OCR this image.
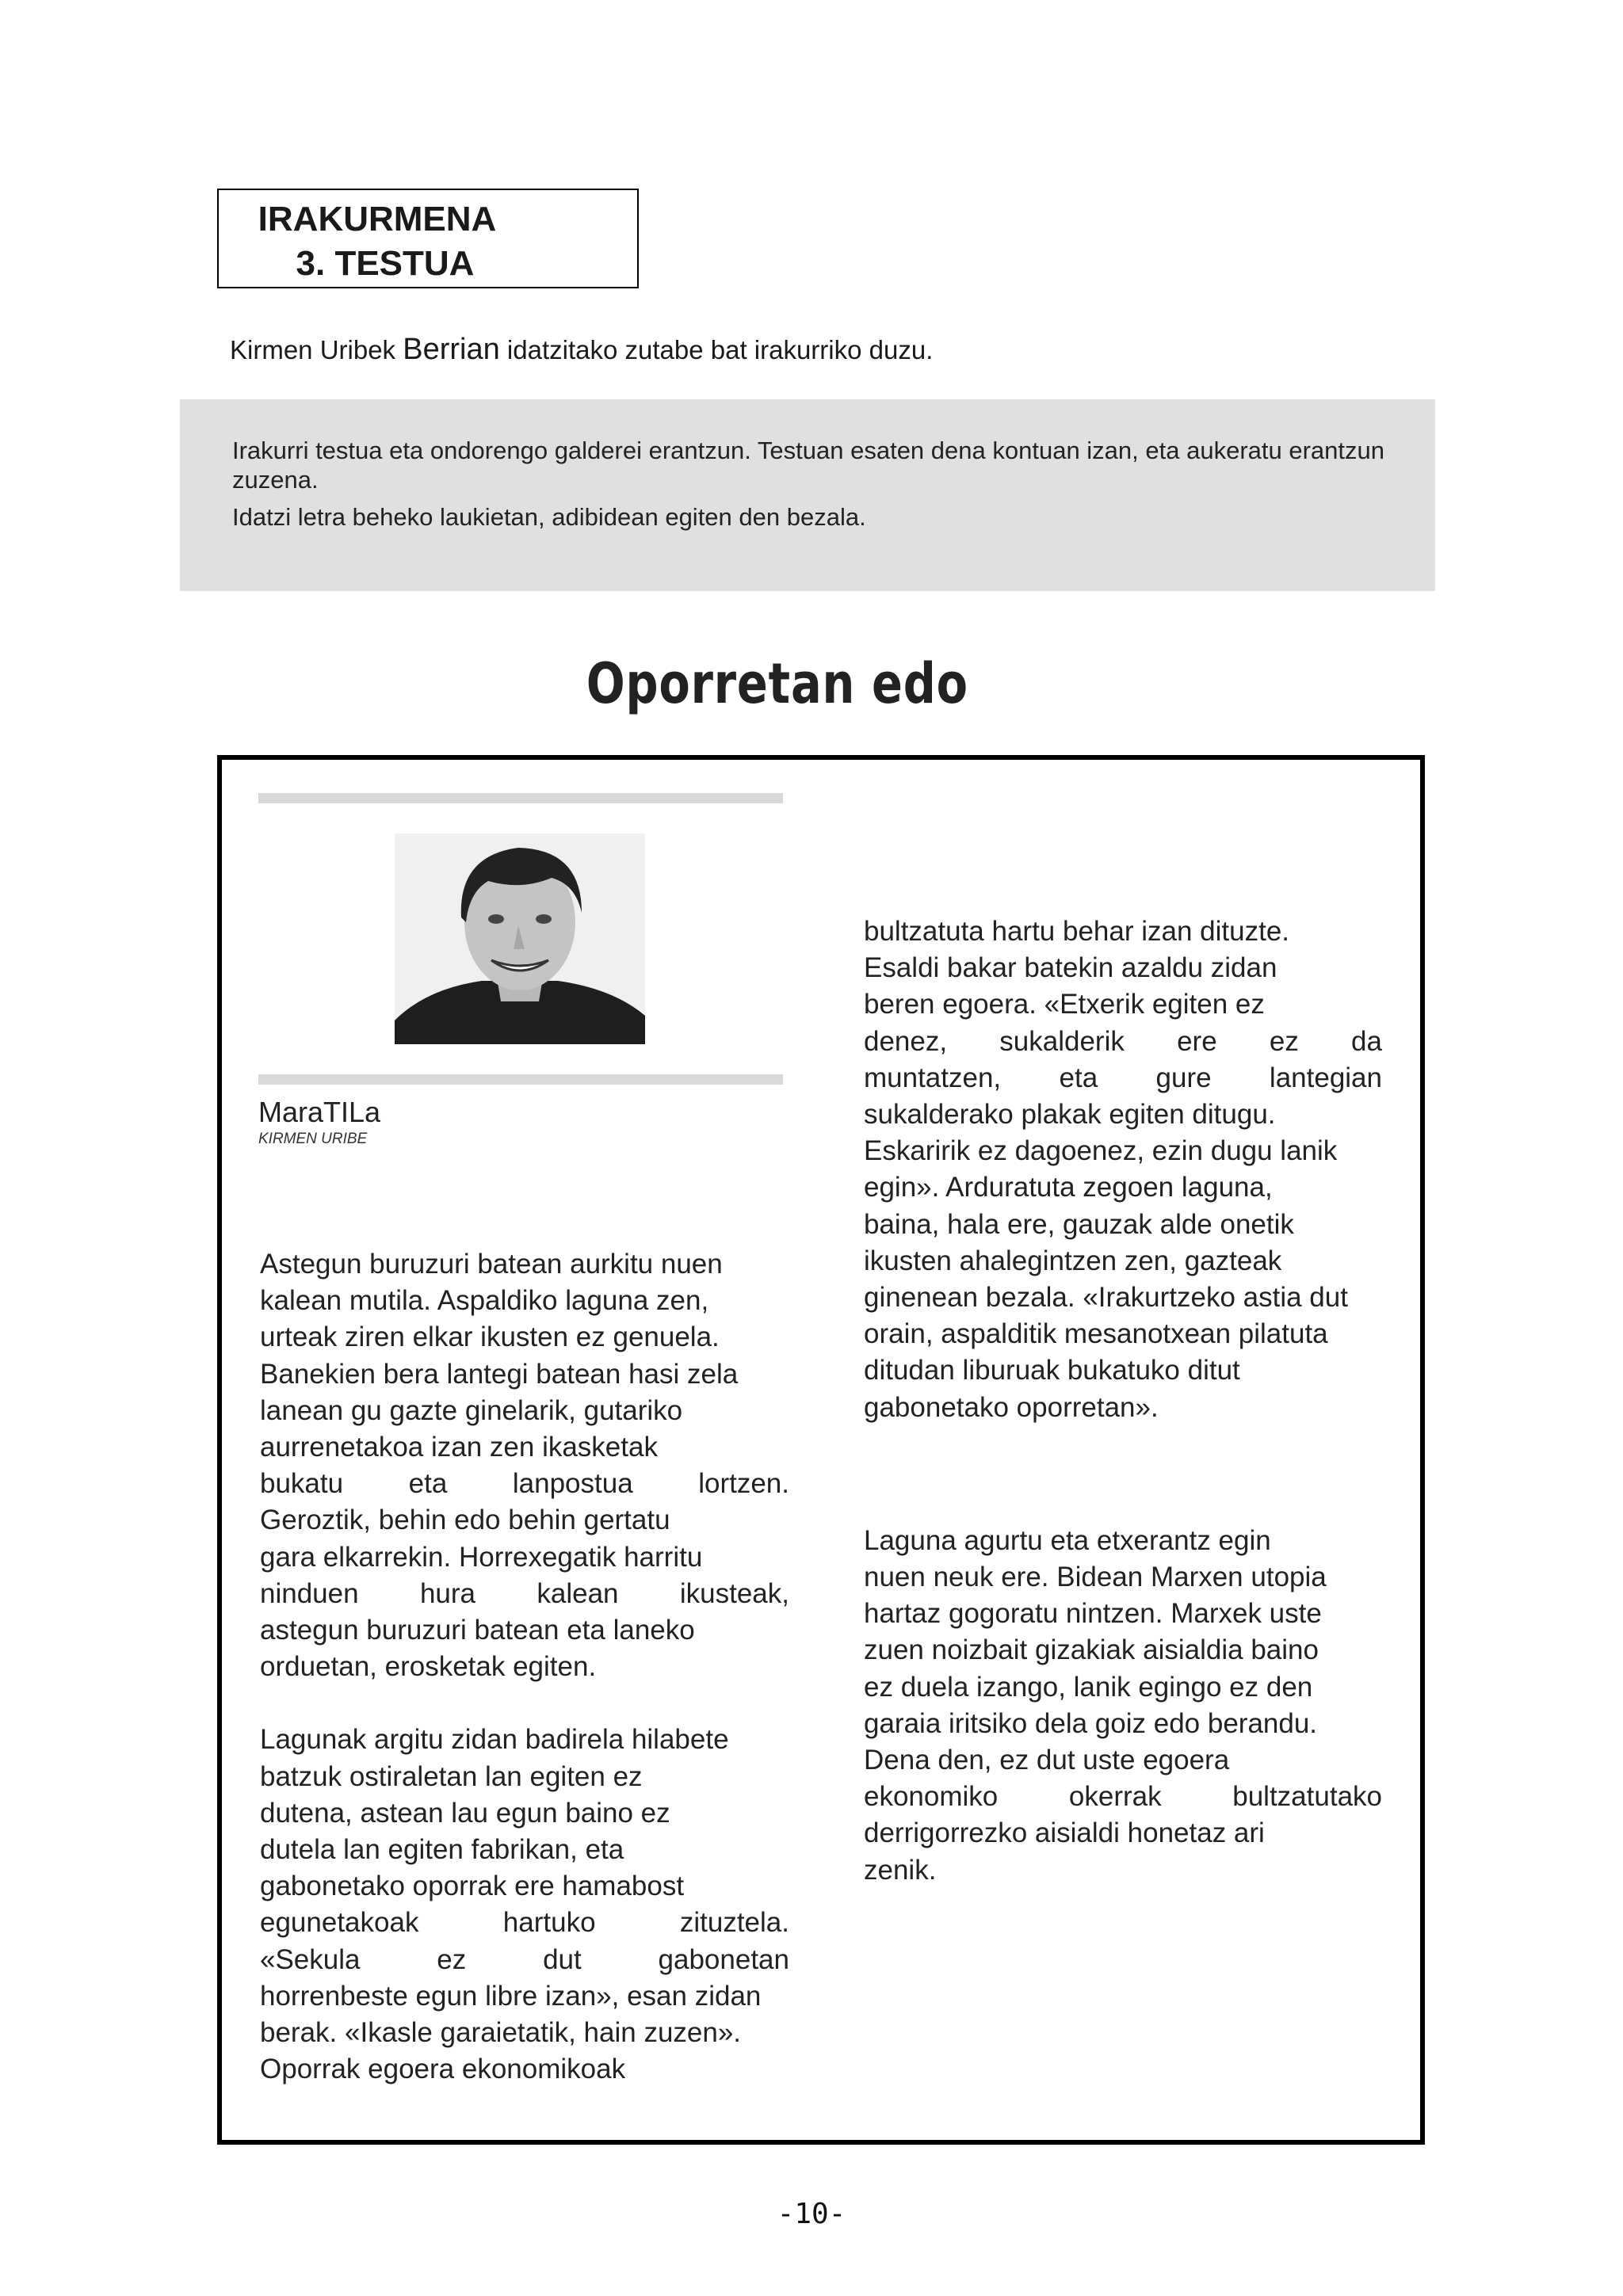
IRAKURMENA
3. TESTUA
Kirmen Uribek Berrian idatzitako zutabe bat irakurriko duzu.

Irakurri testua eta ondorengo galderei erantzun. Testuan esaten dena kontuan izan, eta aukeratu erantzun zuzena.

Idatzi letra beheko laukietan, adibidean egiten den bezala.

Oporretan edo
MaraTILa
KIRMEN URIBE

Astegun buruzuri batean aurkitu nuen
kalean mutila. Aspaldiko laguna zen,
urteak ziren elkar ikusten ez genuela.
Banekien bera lantegi batean hasi zela
lanean gu gazte ginelarik, gutariko
aurrenetakoa izan zen ikasketak

bukatu eta lanpostua lortzen.
Geroztik, behin edo behin gertatu
gara elkarrekin. Horrexegatik harritu

ninduen hura kalean ikusteak,
astegun buruzuri batean eta laneko
orduetan, erosketak egiten.

Lagunak argitu zidan badirela hilabete
batzuk ostiraletan lan egiten ez
dutena, astean lau egun baino ez
dutela lan egiten fabrikan, eta
gabonetako oporrak ere hamabost

egunetakoak hartuko zituztela.
«Sekula ez dut gabonetan
horrenbeste egun libre izan», esan zidan
berak. «Ikasle garaietatik, hain zuzen».
Oporrak egoera ekonomikoak

bultzatuta hartu behar izan dituzte.
Esaldi bakar batekin azaldu zidan
beren egoera. «Etxerik egiten ez

denez, sukalderik ere ez da
muntatzen, eta gure lantegian
sukalderako plakak egiten ditugu.
Eskaririk ez dagoenez, ezin dugu lanik
egin». Arduratuta zegoen laguna,
baina, hala ere, gauzak alde onetik
ikusten ahalegintzen zen, gazteak
ginenean bezala. «Irakurtzeko astia dut
orain, aspalditik mesanotxean pilatuta
ditudan liburuak bukatuko ditut
gabonetako oporretan».

Laguna agurtu eta etxerantz egin
nuen neuk ere. Bidean Marxen utopia
hartaz gogoratu nintzen. Marxek uste
zuen noizbait gizakiak aisialdia baino
ez duela izango, lanik egingo ez den
garaia iritsiko dela goiz edo berandu.
Dena den, ez dut uste egoera

ekonomiko okerrak bultzatutako
derrigorrezko aisialdi honetaz ari
zenik.

-10-
